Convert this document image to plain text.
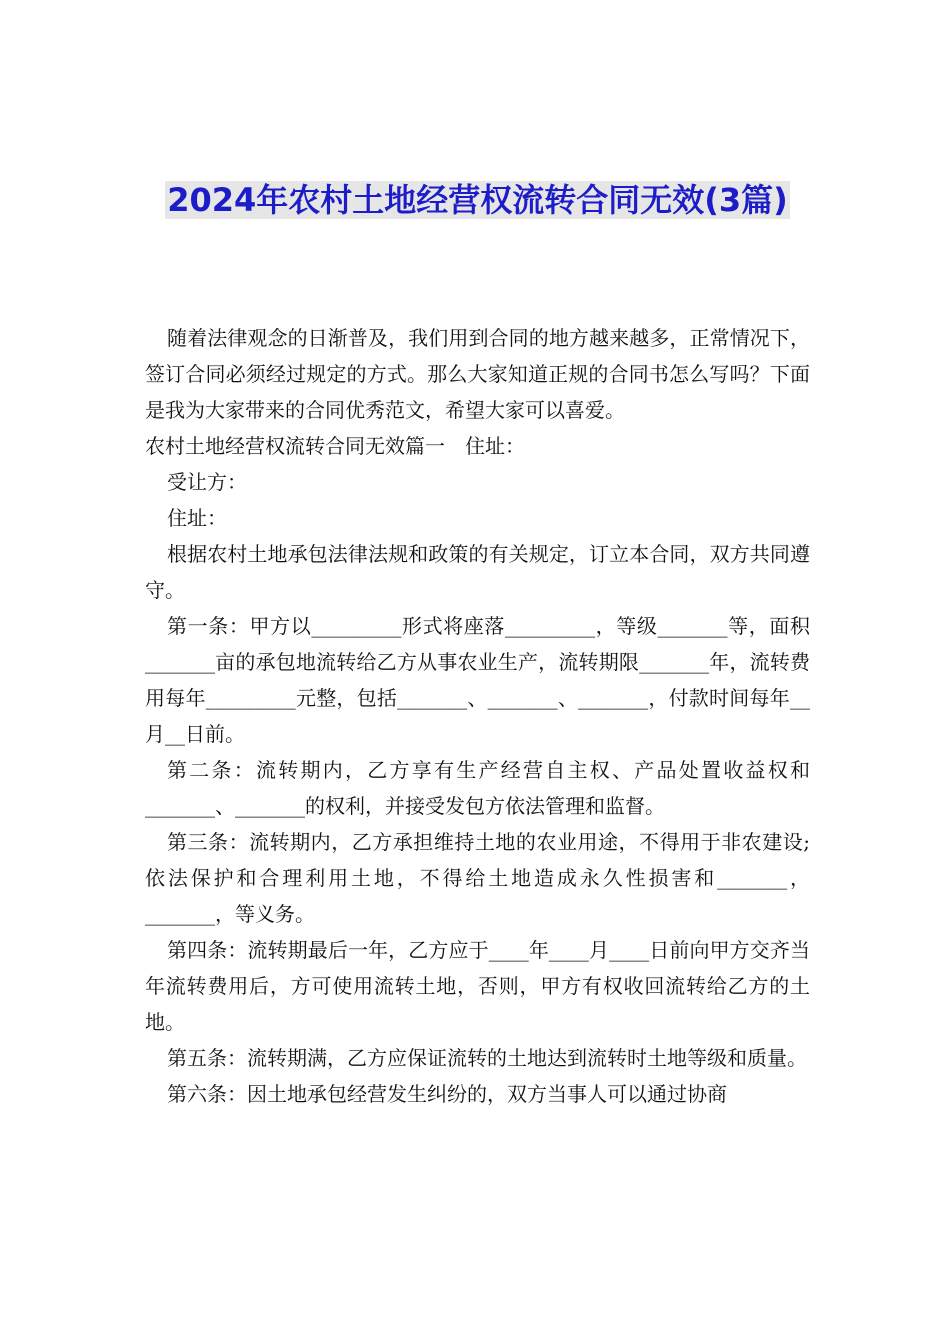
2024年农村土地经营权流转合同无效(3篇)

随着法律观念的日渐普及，我们用到合同的地方越来越多，正常情况下，签订合同必须经过规定的方式。那么大家知道正规的合同书怎么写吗？下面是我为大家带来的合同优秀范文，希望大家可以喜爱。

农村土地经营权流转合同无效篇一　住址：

受让方：

住址：

根据农村土地承包法律法规和政策的有关规定，订立本合同，双方共同遵守。

第一条：甲方以_________形式将座落_________，等级_______等，面积_______亩的承包地流转给乙方从事农业生产，流转期限_______年，流转费用每年_________元整，包括_______、_______、_______，付款时间每年__月__日前。

第二条：流转期内，乙方享有生产经营自主权、产品处置收益权和_______、_______的权利，并接受发包方依法管理和监督。

第三条：流转期内，乙方承担维持土地的农业用途，不得用于非农建设;依法保护和合理利用土地，不得给土地造成永久性损害和_______，_______，等义务。

第四条：流转期最后一年，乙方应于____年____月____日前向甲方交齐当年流转费用后，方可使用流转土地，否则，甲方有权收回流转给乙方的土地。

第五条：流转期满，乙方应保证流转的土地达到流转时土地等级和质量。

第六条：因土地承包经营发生纠纷的，双方当事人可以通过协商
